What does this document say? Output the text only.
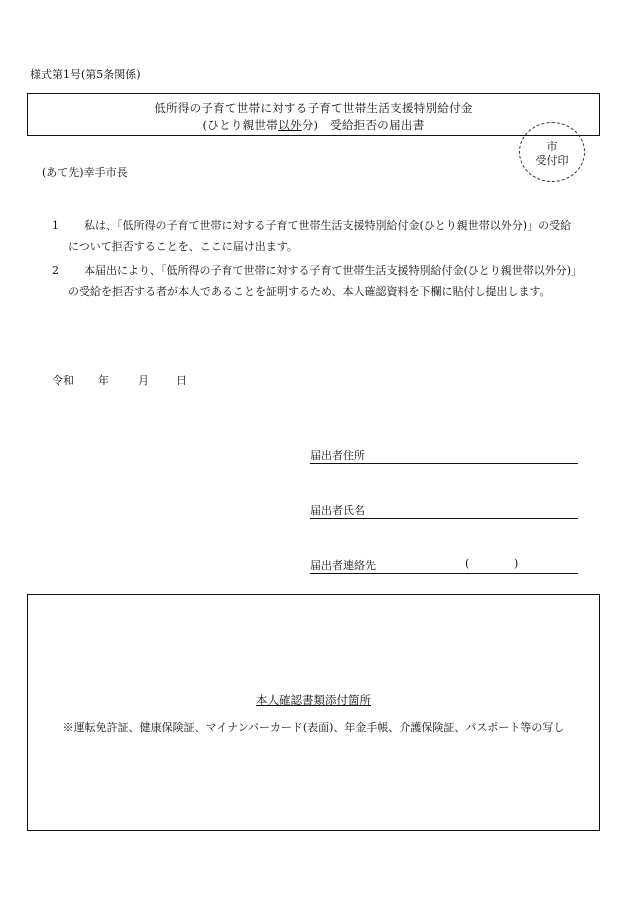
様式第1号(第5条関係)
低所得の子育て世帯に対する子育て世帯生活支援特別給付金
(ひとり親世帯以外分)　受給拒否の届出書
市
受付印
(あて先)幸手市長
1	私は、「低所得の子育て世帯に対する子育て世帯生活支援特別給付金(ひとり親世帯以外分)」の受給について拒否することを、ここに届け出ます。
2	本届出により、「低所得の子育て世帯に対する子育て世帯生活支援特別給付金(ひとり親世帯以外分)」の受給を拒否する者が本人であることを証明するため、本人確認資料を下欄に貼付し提出します。
令和 年	月 日
届出者住所
届出者氏名
届出者連絡先	(	)
本人確認書類添付箇所
※運転免許証、健康保険証、マイナンバーカード(表面)、年金手帳、介護保険証、パスポート等の写し
